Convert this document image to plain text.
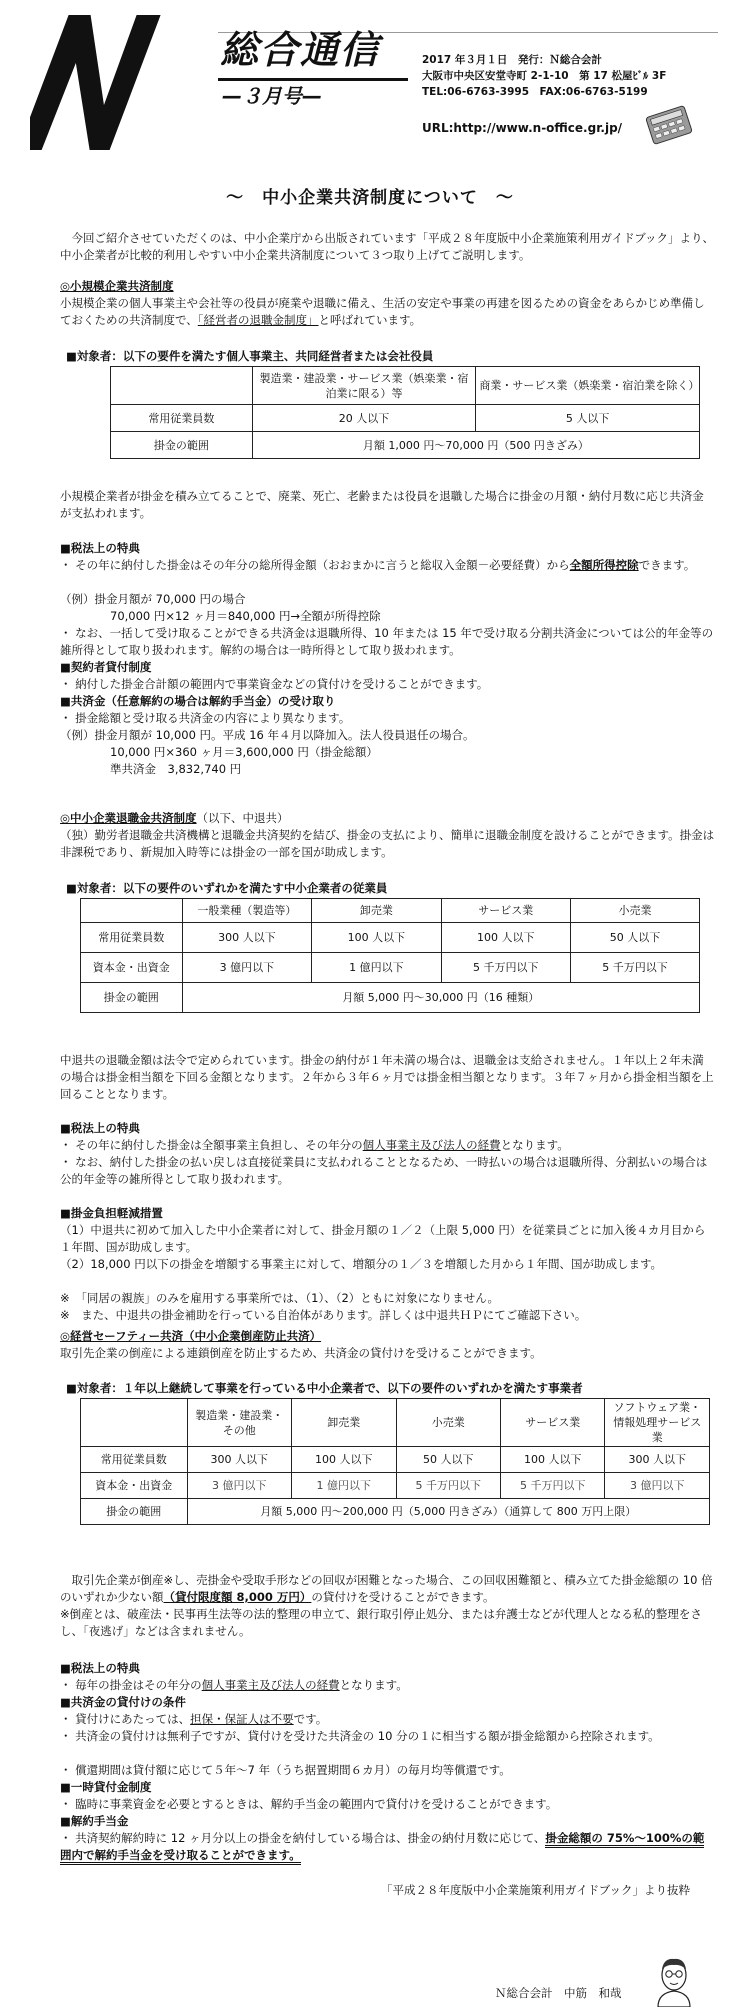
総合通信
—３月号—
2017 年３月１日　発行：Ｎ総合会計
大阪市中央区安堂寺町 2-1-10　第 17 松屋ﾋﾞﾙ 3F
TEL:06-6763-3995　FAX:06-6763-5199
URL:http://www.n-office.gr.jp/
～　中小企業共済制度について　～
今回ご紹介させていただくのは、中小企業庁から出版されています「平成２８年度版中小企業施策利用ガイドブック」より、中小企業者が比較的利用しやすい中小企業共済制度について３つ取り上げてご説明します。
◎小規模企業共済制度
小規模企業の個人事業主や会社等の役員が廃業や退職に備え、生活の安定や事業の再建を図るための資金をあらかじめ準備しておくための共済制度で、「経営者の退職金制度」と呼ばれています。
■対象者：以下の要件を満たす個人事業主、共同経営者または会社役員
	製造業・建設業・サービス業（娯楽業・宿泊業に限る）等	商業・サービス業（娯楽業・宿泊業を除く）
常用従業員数	20 人以下	5 人以下
掛金の範囲	月額 1,000 円～70,000 円（500 円きざみ）	
小規模企業者が掛金を積み立てることで、廃業、死亡、老齢または役員を退職した場合に掛金の月額・納付月数に応じ共済金が支払われます。
■税法上の特典
・ その年に納付した掛金はその年分の総所得金額（おおまかに言うと総収入金額－必要経費）から全額所得控除できます。
（例）掛金月額が 70,000 円の場合
70,000 円×12 ヶ月＝840,000 円→全額が所得控除
・ なお、一括して受け取ることができる共済金は退職所得、10 年または 15 年で受け取る分割共済金については公的年金等の雑所得として取り扱われます。解約の場合は一時所得として取り扱われます。
■契約者貸付制度
・ 納付した掛金合計額の範囲内で事業資金などの貸付けを受けることができます。
■共済金（任意解約の場合は解約手当金）の受け取り
・ 掛金総額と受け取る共済金の内容により異なります。
（例）掛金月額が 10,000 円。平成 16 年４月以降加入。法人役員退任の場合。
10,000 円×360 ヶ月＝3,600,000 円（掛金総額）
準共済金　3,832,740 円
◎中小企業退職金共済制度（以下、中退共）
（独）勤労者退職金共済機構と退職金共済契約を結び、掛金の支払により、簡単に退職金制度を設けることができます。掛金は非課税であり、新規加入時等には掛金の一部を国が助成します。
■対象者：以下の要件のいずれかを満たす中小企業者の従業員
	一般業種（製造等）	卸売業	サービス業	小売業
常用従業員数	300 人以下	100 人以下	100 人以下	50 人以下
資本金・出資金	3 億円以下	1 億円以下	5 千万円以下	5 千万円以下
掛金の範囲	月額 5,000 円～30,000 円（16 種類）			
中退共の退職金額は法令で定められています。掛金の納付が１年未満の場合は、退職金は支給されません。１年以上２年未満の場合は掛金相当額を下回る金額となります。２年から３年６ヶ月では掛金相当額となります。３年７ヶ月から掛金相当額を上回ることとなります。
■税法上の特典
・ その年に納付した掛金は全額事業主負担し、その年分の個人事業主及び法人の経費となります。
・ なお、納付した掛金の払い戻しは直接従業員に支払われることとなるため、一時払いの場合は退職所得、分割払いの場合は公的年金等の雑所得として取り扱われます。
■掛金負担軽減措置
（1）中退共に初めて加入した中小企業者に対して、掛金月額の１／２（上限 5,000 円）を従業員ごとに加入後４カ月目から１年間、国が助成します。
（2）18,000 円以下の掛金を増額する事業主に対して、増額分の１／３を増額した月から１年間、国が助成します。
※　「同居の親族」のみを雇用する事業所では、（1）、（2）ともに対象になりません。
※　また、中退共の掛金補助を行っている自治体があります。詳しくは中退共ＨＰにてご確認下さい。
◎経営セーフティー共済（中小企業倒産防止共済）
取引先企業の倒産による連鎖倒産を防止するため、共済金の貸付けを受けることができます。
■対象者：１年以上継続して事業を行っている中小企業者で、以下の要件のいずれかを満たす事業者
	製造業・建設業・その他	卸売業	小売業	サービス業	ソフトウェア業・情報処理サービス業
常用従業員数	300 人以下	100 人以下	50 人以下	100 人以下	300 人以下
資本金・出資金	3 億円以下	1 億円以下	5 千万円以下	5 千万円以下	3 億円以下
掛金の範囲	月額 5,000 円～200,000 円（5,000 円きざみ）（通算して 800 万円上限）				
取引先企業が倒産※し、売掛金や受取手形などの回収が困難となった場合、この回収困難額と、積み立てた掛金総額の 10 倍のいずれか少ない額（貸付限度額 8,000 万円）の貸付けを受けることができます。
※倒産とは、破産法・民事再生法等の法的整理の申立て、銀行取引停止処分、または弁護士などが代理人となる私的整理をさし、「夜逃げ」などは含まれません。
■税法上の特典
・ 毎年の掛金はその年分の個人事業主及び法人の経費となります。
■共済金の貸付けの条件
・ 貸付けにあたっては、担保・保証人は不要です。
・ 共済金の貸付けは無利子ですが、貸付けを受けた共済金の 10 分の１に相当する額が掛金総額から控除されます。
・ 償還期間は貸付額に応じて５年～7 年（うち据置期間６カ月）の毎月均等償還です。
■一時貸付金制度
・ 臨時に事業資金を必要とするときは、解約手当金の範囲内で貸付けを受けることができます。
■解約手当金
・ 共済契約解約時に 12 ヶ月分以上の掛金を納付している場合は、掛金の納付月数に応じて、掛金総額の 75%～100%の範囲内で解約手当金を受け取ることができます。
「平成２８年度版中小企業施策利用ガイドブック」より抜粋
Ｎ総合会計　中筋　和哉
